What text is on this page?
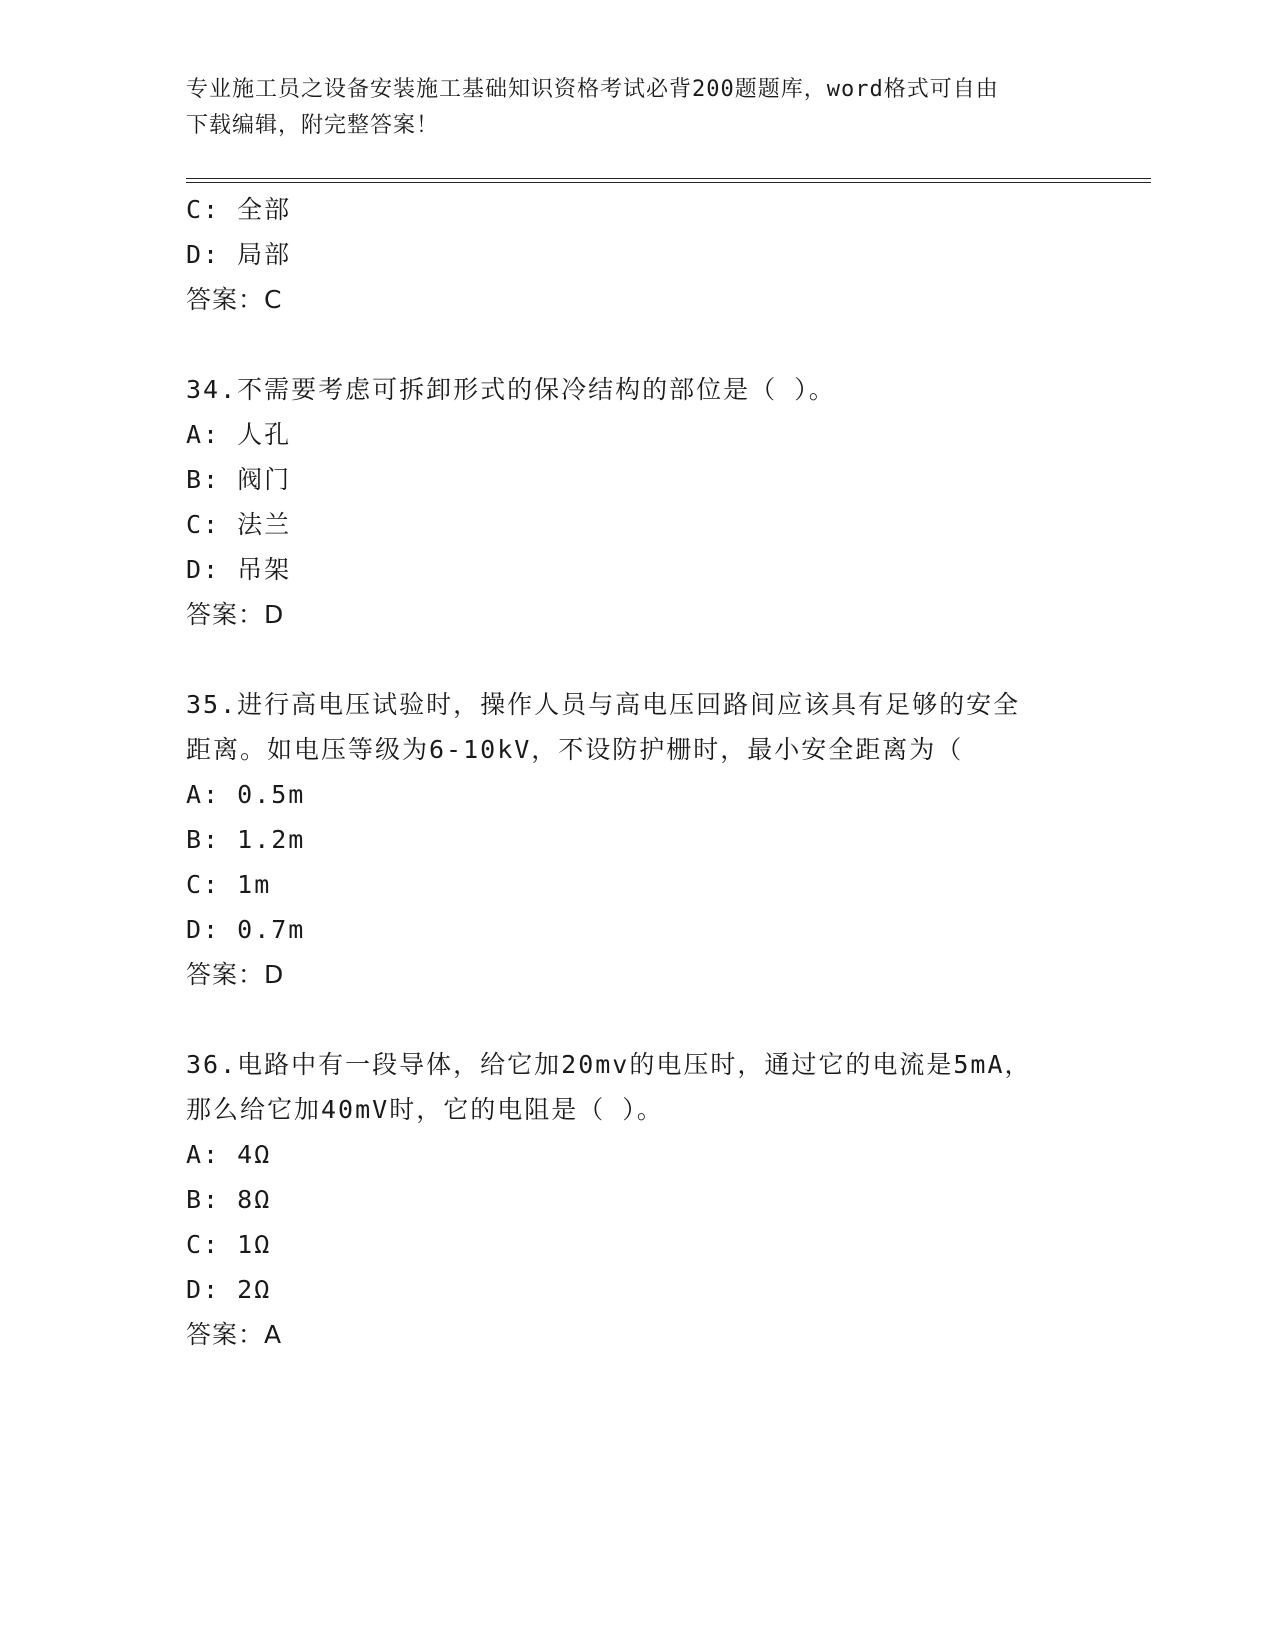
专业施工员之设备安装施工基础知识资格考试必背200题题库，word格式可自由
下载编辑，附完整答案！
C: 全部
D: 局部
答案：C
34.不需要考虑可拆卸形式的保冷结构的部位是（ ）。
A: 人孔
B: 阀门
C: 法兰
D: 吊架
答案：D
35.进行高电压试验时，操作人员与高电压回路间应该具有足够的安全
距离。如电压等级为6-10kV，不设防护栅时，最小安全距离为（
A: 0.5m
B: 1.2m
C: 1m
D: 0.7m
答案：D
36.电路中有一段导体，给它加20mv的电压时，通过它的电流是5mA，
那么给它加40mV时，它的电阻是（ ）。
A: 4Ω
B: 8Ω
C: 1Ω
D: 2Ω
答案：A
